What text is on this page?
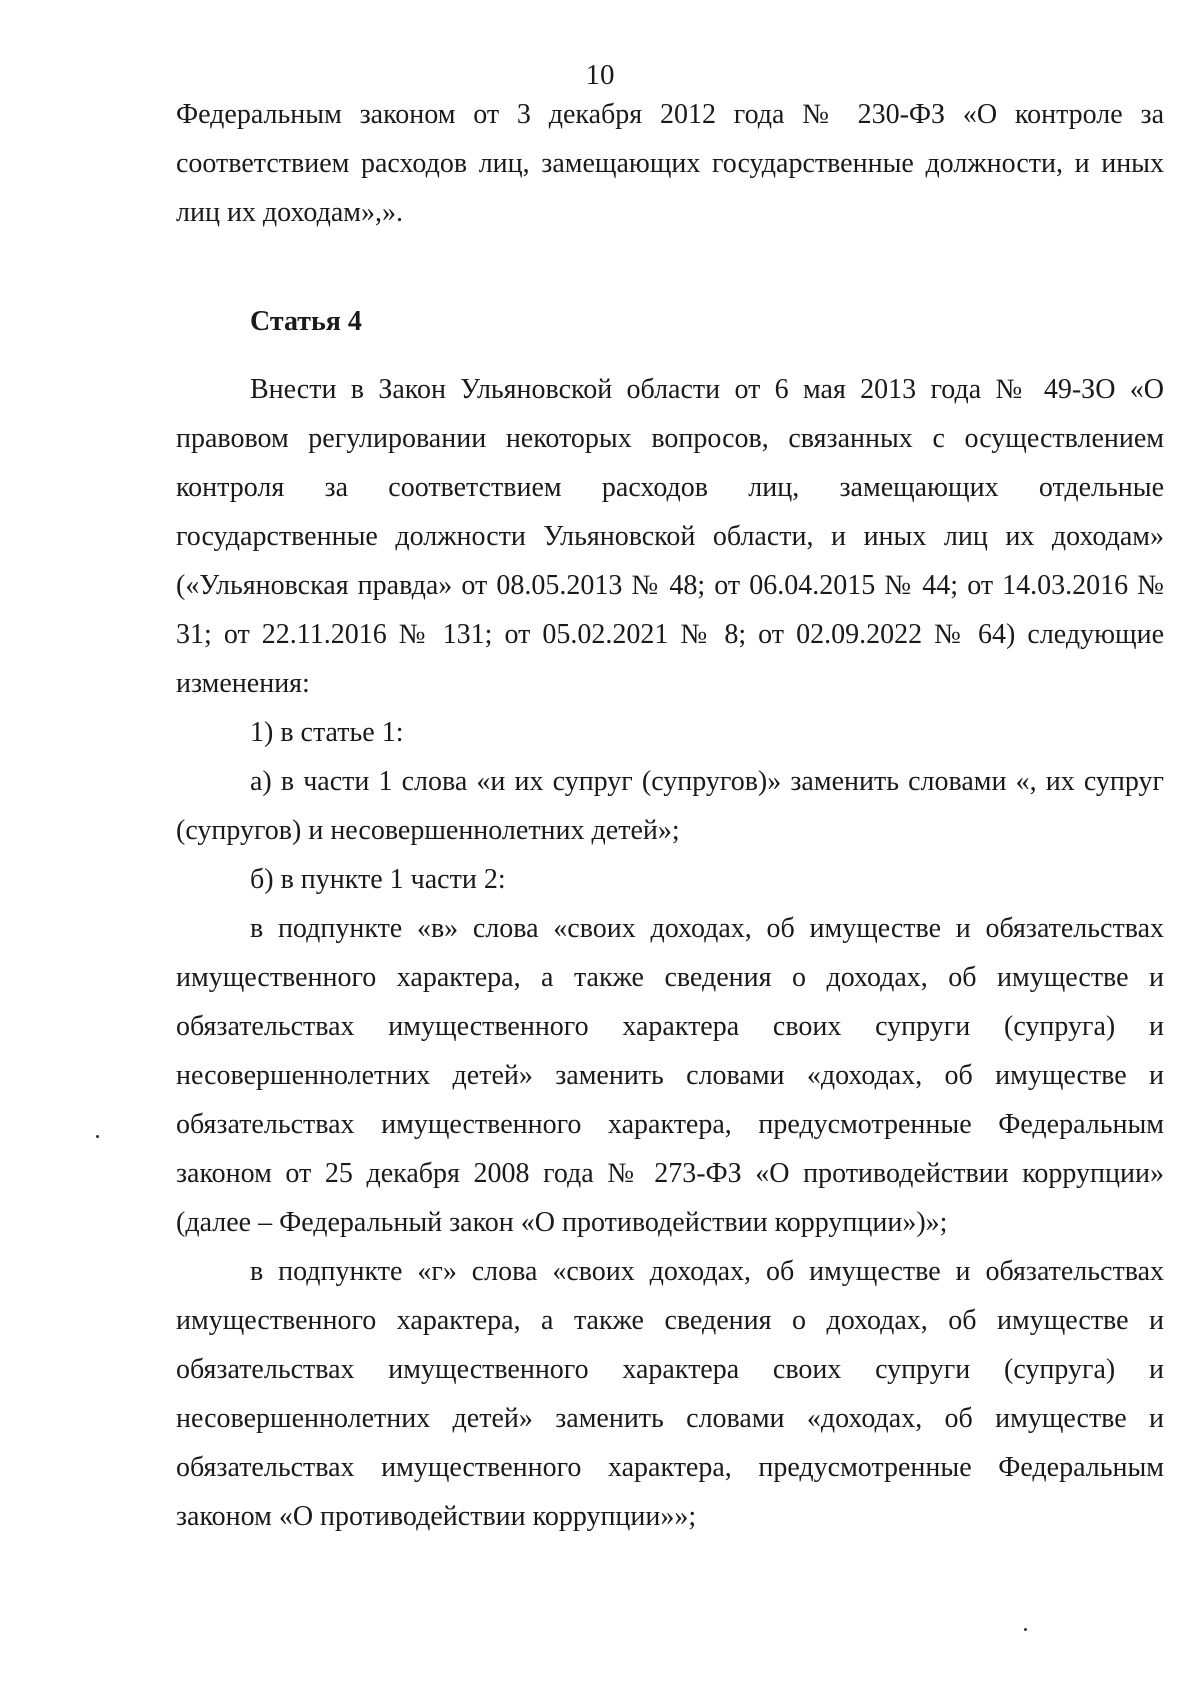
10

Федеральным законом от 3 декабря 2012 года № 230-ФЗ «О контроле за соответствием расходов лиц, замещающих государственные должности, и иных лиц их доходам»,».

Статья 4

Внести в Закон Ульяновской области от 6 мая 2013 года № 49-ЗО «О правовом регулировании некоторых вопросов, связанных с осуществлением контроля за соответствием расходов лиц, замещающих отдельные государственные должности Ульяновской области, и иных лиц их доходам» («Ульяновская правда» от 08.05.2013 № 48; от 06.04.2015 № 44; от 14.03.2016 № 31; от 22.11.2016 № 131; от 05.02.2021 № 8; от 02.09.2022 № 64) следующие изменения:

1) в статье 1:

а) в части 1 слова «и их супруг (супругов)» заменить словами «, их супруг (супругов) и несовершеннолетних детей»;

б) в пункте 1 части 2:

в подпункте «в» слова «своих доходах, об имуществе и обязательствах имущественного характера, а также сведения о доходах, об имуществе и обязательствах имущественного характера своих супруги (супруга) и несовершеннолетних детей» заменить словами «доходах, об имуществе и обязательствах имущественного характера, предусмотренные Федеральным законом от 25 декабря 2008 года № 273-ФЗ «О противодействии коррупции» (далее – Федеральный закон «О противодействии коррупции»)»;

в подпункте «г» слова «своих доходах, об имуществе и обязательствах имущественного характера, а также сведения о доходах, об имуществе и обязательствах имущественного характера своих супруги (супруга) и несовершеннолетних детей» заменить словами «доходах, об имуществе и обязательствах имущественного характера, предусмотренные Федеральным законом «О противодействии коррупции»»;
